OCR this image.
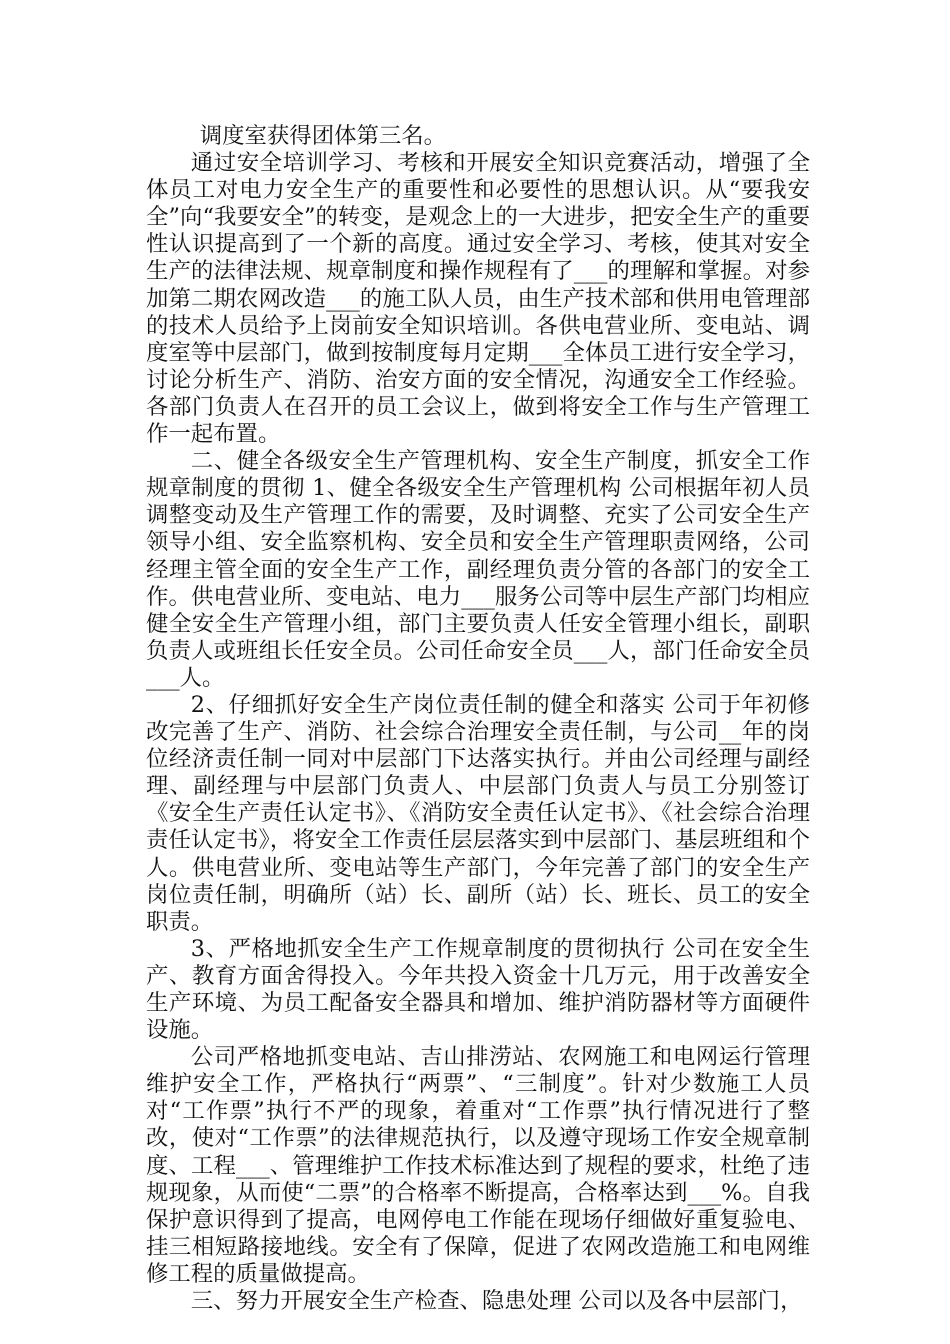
调度室获得团体第三名。

通过安全培训学习、考核和开展安全知识竞赛活动，增强了全体员工对电力安全生产的重要性和必要性的思想认识。从“要我安全”向“我要安全”的转变，是观念上的一大进步，把安全生产的重要性认识提高到了一个新的高度。通过安全学习、考核，使其对安全生产的法律法规、规章制度和操作规程有了___的理解和掌握。对参加第二期农网改造___的施工队人员，由生产技术部和供用电管理部的技术人员给予上岗前安全知识培训。各供电营业所、变电站、调度室等中层部门，做到按制度每月定期___全体员工进行安全学习，讨论分析生产、消防、治安方面的安全情况，沟通安全工作经验。各部门负责人在召开的员工会议上，做到将安全工作与生产管理工作一起布置。

二、健全各级安全生产管理机构、安全生产制度，抓安全工作规章制度的贯彻 1、健全各级安全生产管理机构 公司根据年初人员调整变动及生产管理工作的需要，及时调整、充实了公司安全生产领导小组、安全监察机构、安全员和安全生产管理职责网络，公司经理主管全面的安全生产工作，副经理负责分管的各部门的安全工作。供电营业所、变电站、电力___服务公司等中层生产部门均相应健全安全生产管理小组，部门主要负责人任安全管理小组长，副职负责人或班组长任安全员。公司任命安全员___人，部门任命安全员___人。

2、仔细抓好安全生产岗位责任制的健全和落实 公司于年初修改完善了生产、消防、社会综合治理安全责任制，与公司__年的岗位经济责任制一同对中层部门下达落实执行。并由公司经理与副经理、副经理与中层部门负责人、中层部门负责人与员工分别签订《安全生产责任认定书》、《消防安全责任认定书》、《社会综合治理责任认定书》，将安全工作责任层层落实到中层部门、基层班组和个人。供电营业所、变电站等生产部门，今年完善了部门的安全生产岗位责任制，明确所（站）长、副所（站）长、班长、员工的安全职责。

3、严格地抓安全生产工作规章制度的贯彻执行 公司在安全生产、教育方面舍得投入。今年共投入资金十几万元，用于改善安全生产环境、为员工配备安全器具和增加、维护消防器材等方面硬件设施。

公司严格地抓变电站、吉山排涝站、农网施工和电网运行管理维护安全工作，严格执行“两票”、“三制度”。针对少数施工人员对“工作票”执行不严的现象，着重对“工作票”执行情况进行了整改，使对“工作票”的法律规范执行，以及遵守现场工作安全规章制度、工程___、管理维护工作技术标准达到了规程的要求，杜绝了违规现象，从而使“二票”的合格率不断提高，合格率达到___%。自我保护意识得到了提高，电网停电工作能在现场仔细做好重复验电、挂三相短路接地线。安全有了保障，促进了农网改造施工和电网维修工程的质量做提高。

三、努力开展安全生产检查、隐患处理 公司以及各中层部门，
